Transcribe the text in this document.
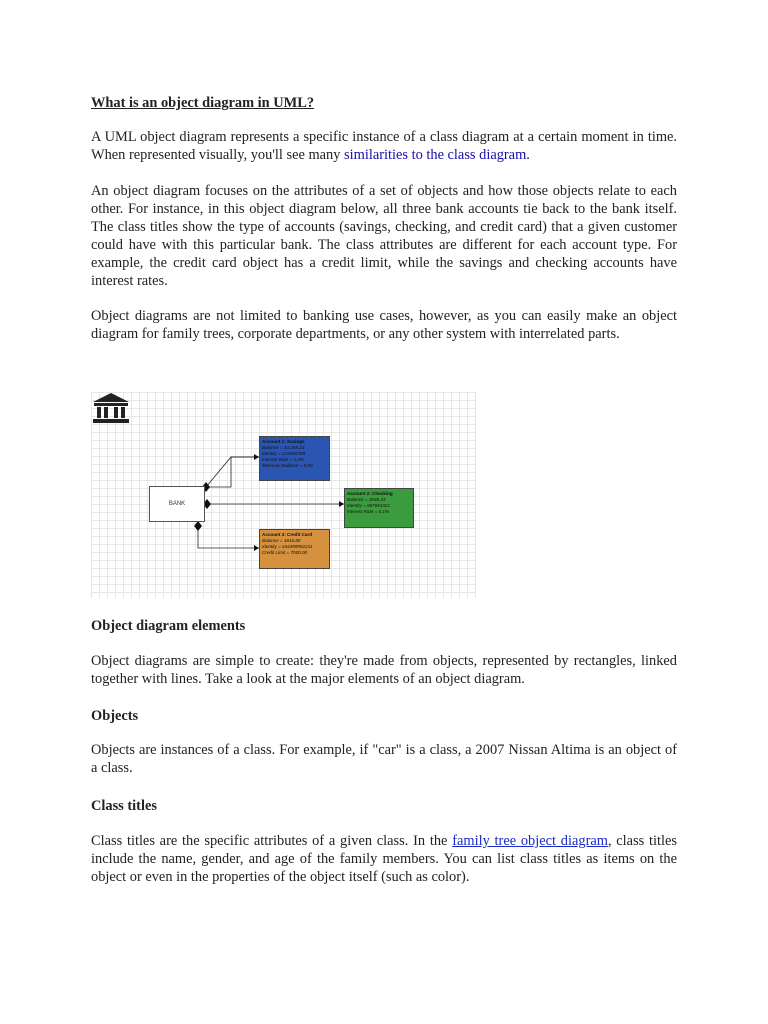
What is an object diagram in UML?

A UML object diagram represents a specific instance of a class diagram at a certain moment in time. When represented visually, you'll see many similarities to the class diagram.

An object diagram focuses on the attributes of a set of objects and how those objects relate to each other. For instance, in this object diagram below, all three bank accounts tie back to the bank itself. The class titles show the type of accounts (savings, checking, and credit card) that a given customer could have with this particular bank. The class attributes are different for each account type. For example, the credit card object has a credit limit, while the savings and checking accounts have interest rates.

Object diagrams are not limited to banking use cases, however, as you can easily make an object diagram for family trees, corporate departments, or any other system with interrelated parts.

BANK
Account 1: Savings
Balance = 10,348.23
Identity = 123456789
Interest Rate = 1.2%
Minimum Balance = 5.00
Account 2: Checking
Balance = 3048.33
Identity = 987654321
Interest Rate = 0.1%
Account 3: Credit Card
Balance = 1816.80
Identity = 444499992211
Credit Limit = 7000.00
Object diagram elements

Object diagrams are simple to create: they're made from objects, represented by rectangles, linked together with lines. Take a look at the major elements of an object diagram.

Objects

Objects are instances of a class. For example, if "car" is a class, a 2007 Nissan Altima is an object of a class.

Class titles

Class titles are the specific attributes of a given class. In the family tree object diagram, class titles include the name, gender, and age of the family members. You can list class titles as items on the object or even in the properties of the object itself (such as color).
